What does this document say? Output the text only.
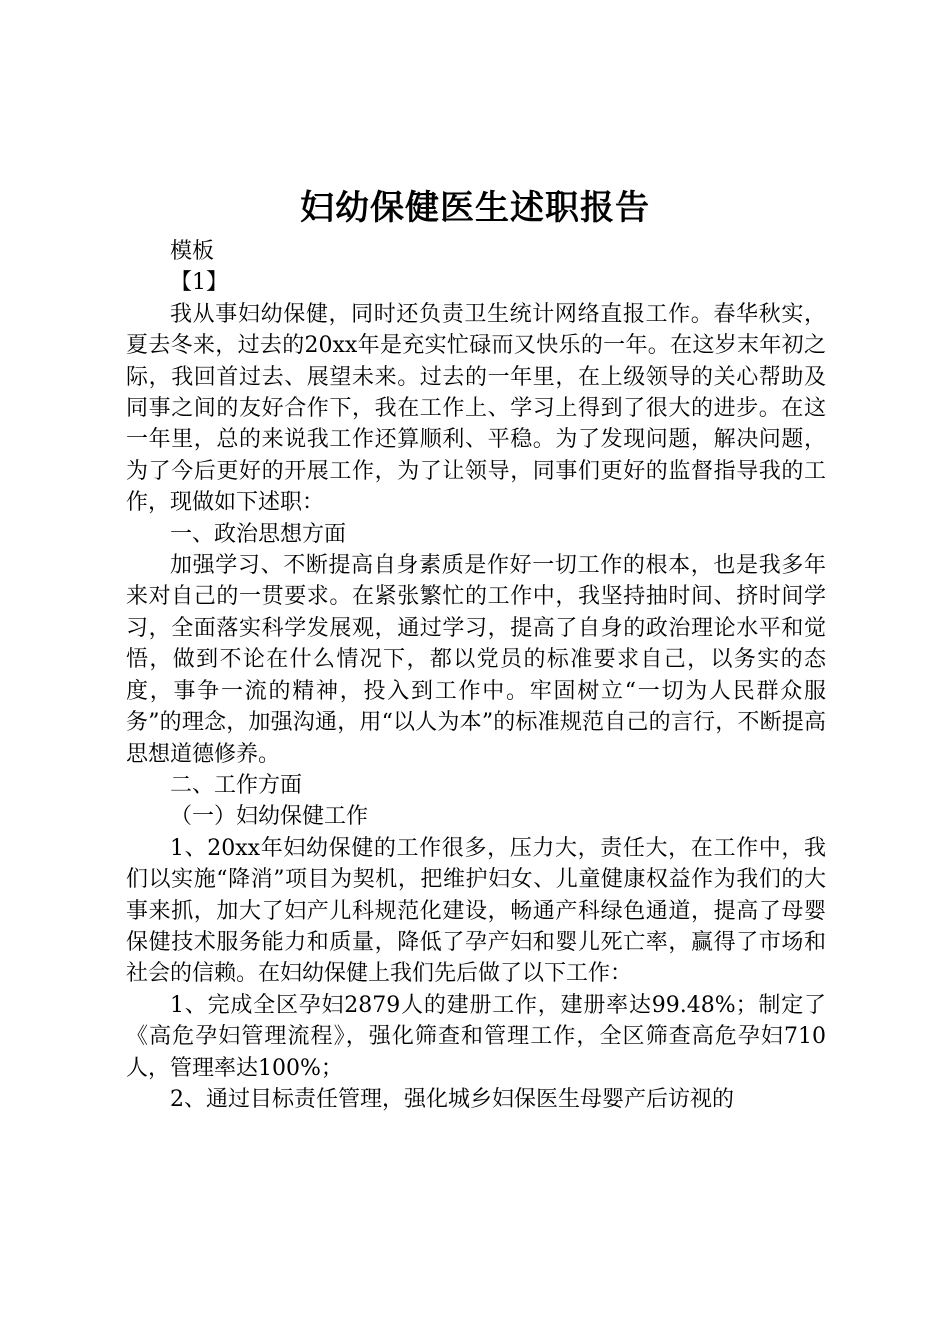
妇幼保健医生述职报告

模板

【1】

我从事妇幼保健，同时还负责卫生统计网络直报工作。春华秋实，夏去冬来，过去的20xx年是充实忙碌而又快乐的一年。在这岁末年初之际，我回首过去、展望未来。过去的一年里，在上级领导的关心帮助及同事之间的友好合作下，我在工作上、学习上得到了很大的进步。在这一年里，总的来说我工作还算顺利、平稳。为了发现问题，解决问题，为了今后更好的开展工作，为了让领导，同事们更好的监督指导我的工作，现做如下述职：

一、政治思想方面

加强学习、不断提高自身素质是作好一切工作的根本，也是我多年来对自己的一贯要求。在紧张繁忙的工作中，我坚持抽时间、挤时间学习，全面落实科学发展观，通过学习，提高了自身的政治理论水平和觉悟，做到不论在什么情况下，都以党员的标准要求自己，以务实的态度，事争一流的精神，投入到工作中。牢固树立“一切为人民群众服务”的理念，加强沟通，用“以人为本”的标准规范自己的言行，不断提高思想道德修养。

二、工作方面

（一）妇幼保健工作

1、20xx年妇幼保健的工作很多，压力大，责任大，在工作中，我们以实施“降消”项目为契机，把维护妇女、儿童健康权益作为我们的大事来抓，加大了妇产儿科规范化建设，畅通产科绿色通道，提高了母婴保健技术服务能力和质量，降低了孕产妇和婴儿死亡率，赢得了市场和社会的信赖。在妇幼保健上我们先后做了以下工作：

1、完成全区孕妇2879人的建册工作，建册率达99.48%；制定了《高危孕妇管理流程》，强化筛查和管理工作，全区筛查高危孕妇710人，管理率达100%；

2、通过目标责任管理，强化城乡妇保医生母婴产后访视的
